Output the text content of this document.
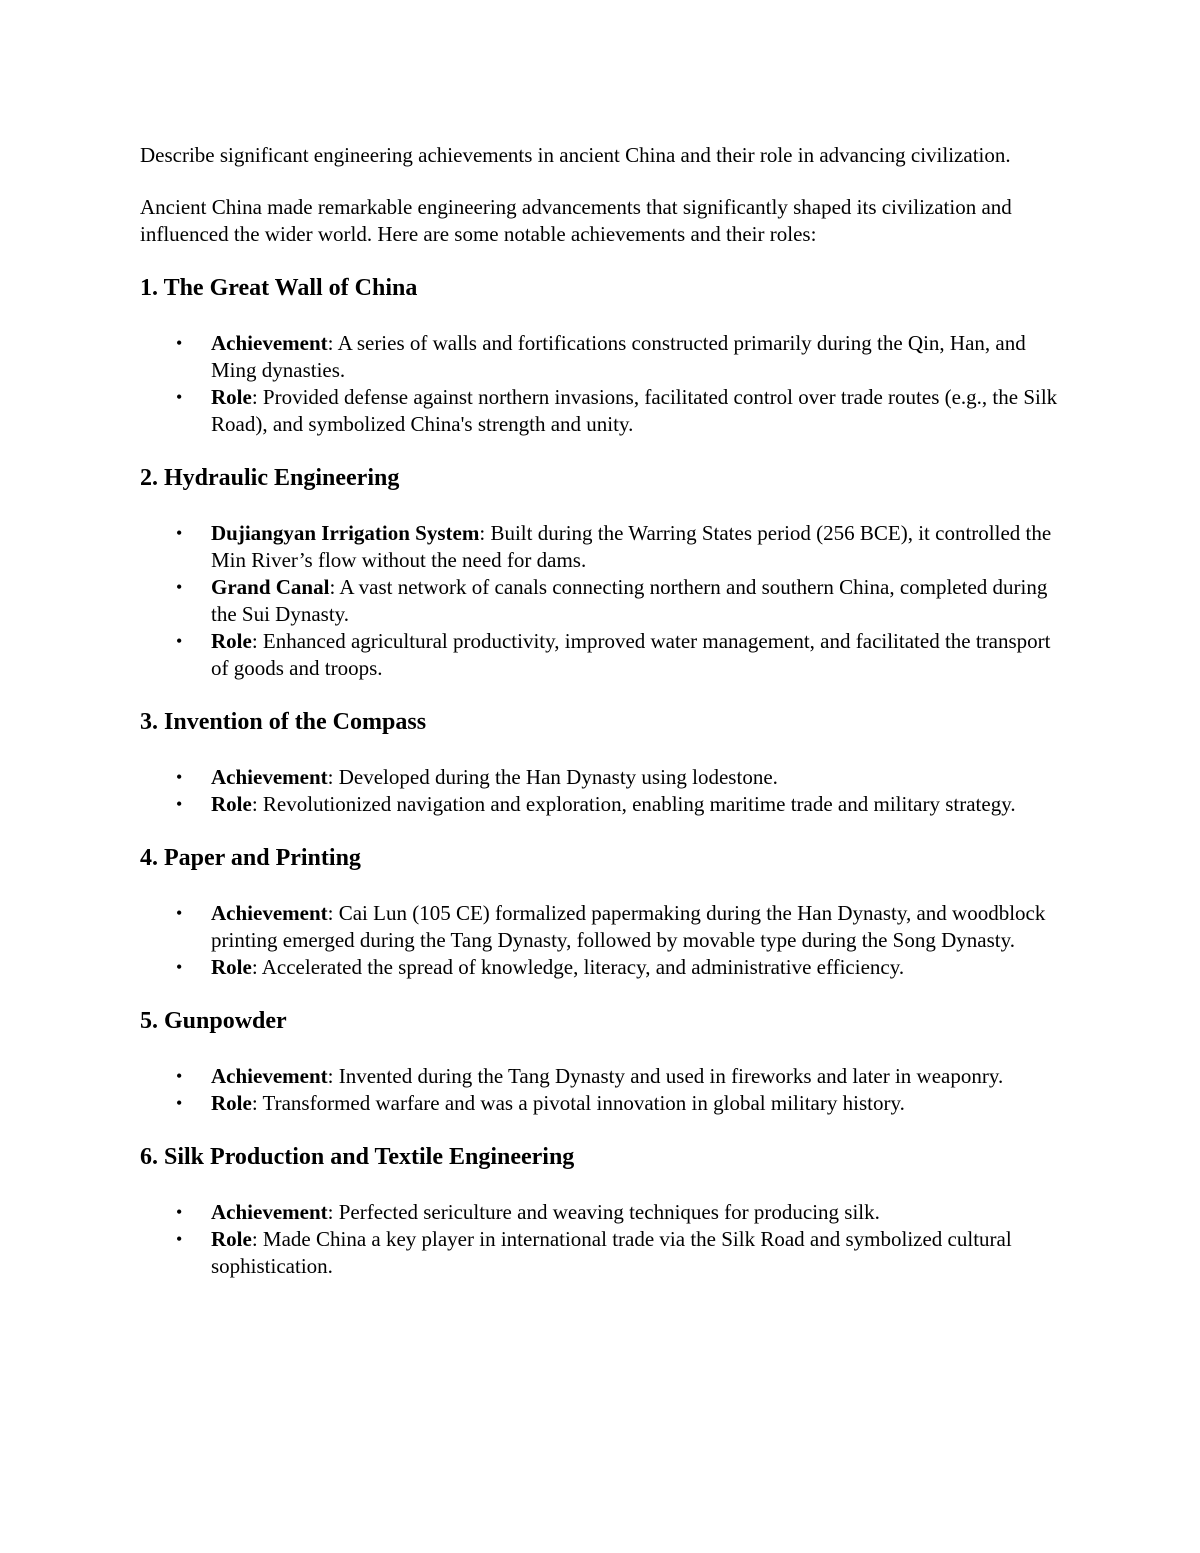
Describe significant engineering achievements in ancient China and their role in advancing civilization.

Ancient China made remarkable engineering advancements that significantly shaped its civilization and influenced the wider world. Here are some notable achievements and their roles:

1. The Great Wall of China
• Achievement: A series of walls and fortifications constructed primarily during the Qin, Han, and Ming dynasties.
• Role: Provided defense against northern invasions, facilitated control over trade routes (e.g., the Silk Road), and symbolized China's strength and unity.
2. Hydraulic Engineering
• Dujiangyan Irrigation System: Built during the Warring States period (256 BCE), it controlled the Min River’s flow without the need for dams.
• Grand Canal: A vast network of canals connecting northern and southern China, completed during the Sui Dynasty.
• Role: Enhanced agricultural productivity, improved water management, and facilitated the transport of goods and troops.
3. Invention of the Compass
• Achievement: Developed during the Han Dynasty using lodestone.
• Role: Revolutionized navigation and exploration, enabling maritime trade and military strategy.
4. Paper and Printing
• Achievement: Cai Lun (105 CE) formalized papermaking during the Han Dynasty, and woodblock printing emerged during the Tang Dynasty, followed by movable type during the Song Dynasty.
• Role: Accelerated the spread of knowledge, literacy, and administrative efficiency.
5. Gunpowder
• Achievement: Invented during the Tang Dynasty and used in fireworks and later in weaponry.
• Role: Transformed warfare and was a pivotal innovation in global military history.
6. Silk Production and Textile Engineering
• Achievement: Perfected sericulture and weaving techniques for producing silk.
• Role: Made China a key player in international trade via the Silk Road and symbolized cultural sophistication.
